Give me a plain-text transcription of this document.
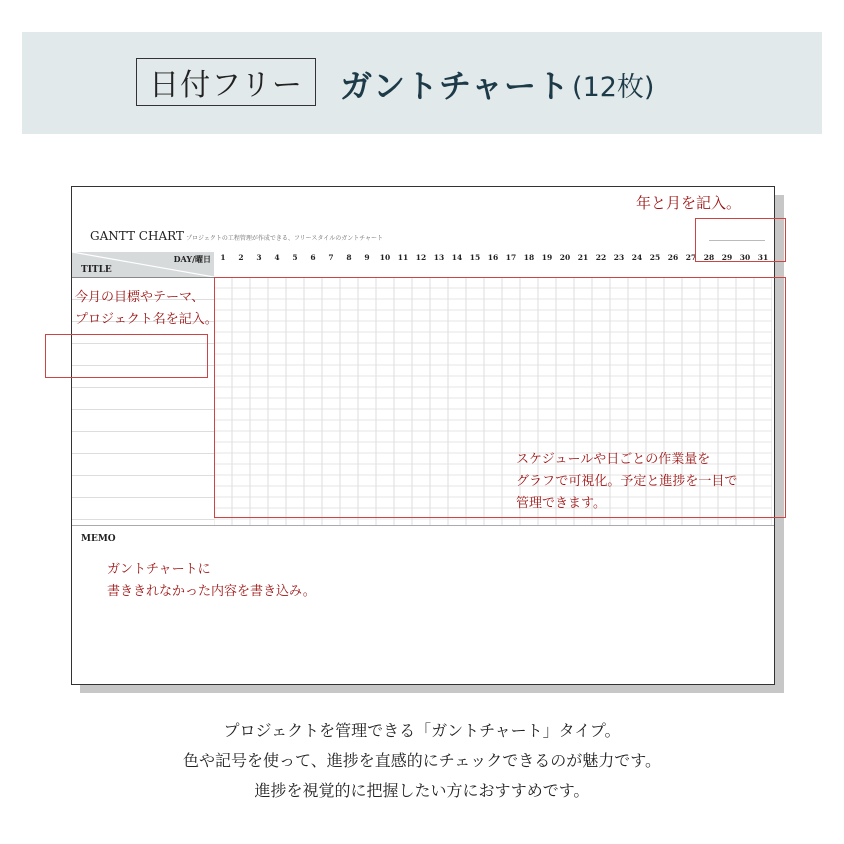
日付フリー	ガントチャート (12枚)
GANTT CHART プロジェクトの工程管理が作成できる、フリースタイルのガントチャート
DAY/曜日
TITLE
1	2	3	4	5	6	7	8	9	10	11	12	13	14	15	16	17	18	19	20	21	22	23	24	25	26	27	28	29	30	31
MEMO
年と月を記入。
今月の目標やテーマ、
プロジェクト名を記入。
スケジュールや日ごとの作業量を
グラフで可視化。予定と進捗を一目で
管理できます。
ガントチャートに
書ききれなかった内容を書き込み。
プロジェクトを管理できる「ガントチャート」タイプ。
色や記号を使って、進捗を直感的にチェックできるのが魅力です。
進捗を視覚的に把握したい方におすすめです。
